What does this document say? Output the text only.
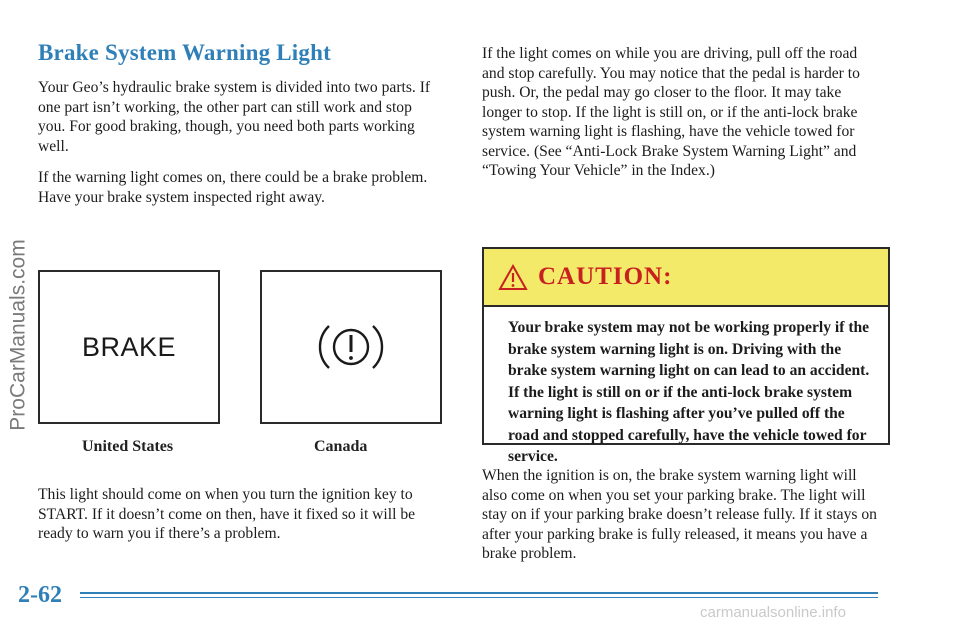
ProCarManuals.com
Brake System Warning Light

Your Geo’s hydraulic brake system is divided into two parts. If one part isn’t working, the other part can still work and stop you. For good braking, though, you need both parts working well.

If the warning light comes on, there could be a brake problem. Have your brake system inspected right away.

BRAKE
United States	Canada

This light should come on when you turn the ignition key to START. If it doesn’t come on then, have it fixed so it will be ready to warn you if there’s a problem.

If the light comes on while you are driving, pull off the road and stop carefully. You may notice that the pedal is harder to push. Or, the pedal may go closer to the floor. It may take longer to stop. If the light is still on, or if the anti-lock brake system warning light is flashing, have the vehicle towed for service. (See “Anti-Lock Brake System Warning Light” and “Towing Your Vehicle” in the Index.)

CAUTION:
Your brake system may not be working properly if the brake system warning light is on. Driving with the brake system warning light on can lead to an accident. If the light is still on or if the anti-lock brake system warning light is flashing after you’ve pulled off the road and stopped carefully, have the vehicle towed for service.

When the ignition is on, the brake system warning light will also come on when you set your parking brake. The light will stay on if your parking brake doesn’t release fully. If it stays on after your parking brake is fully released, it means you have a brake problem.

2-62
carmanualsonline.info
